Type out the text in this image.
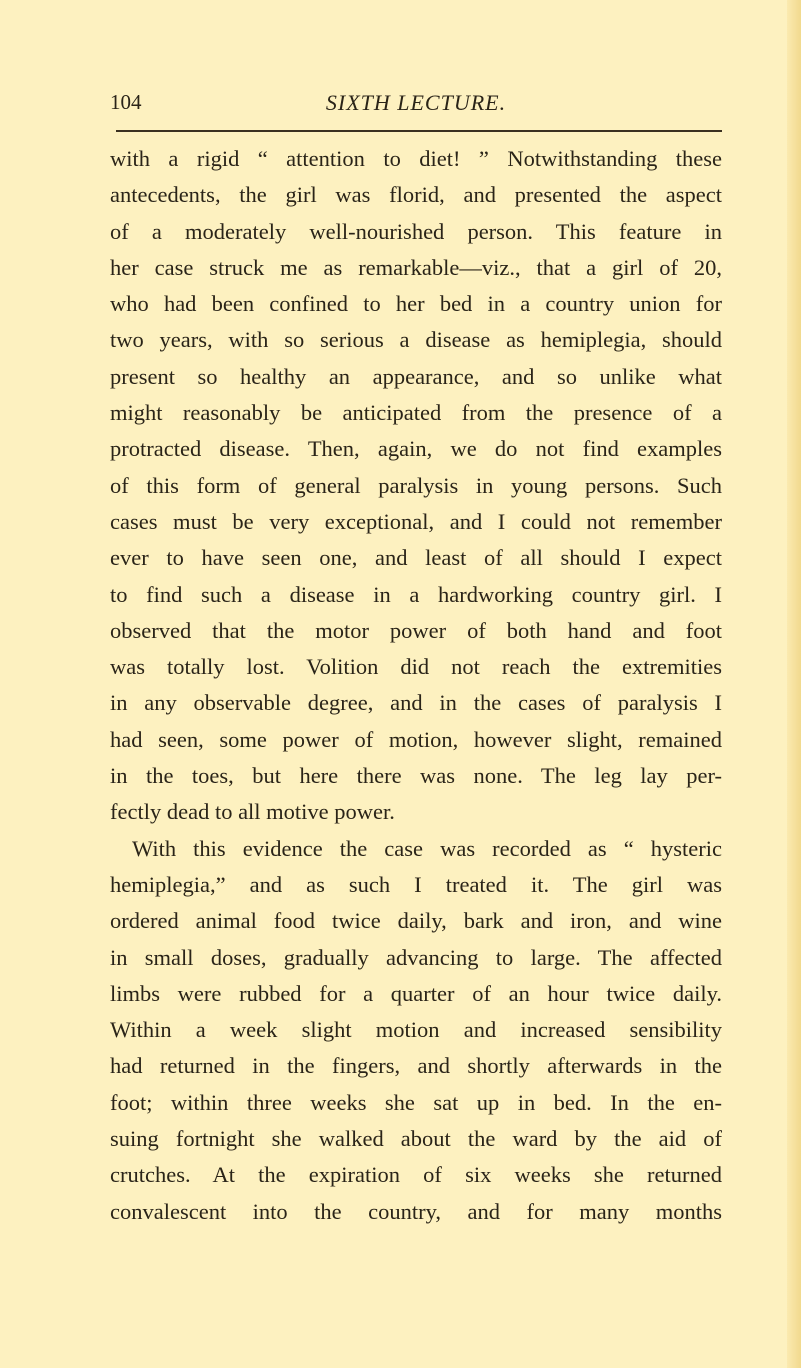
104	SIXTH LECTURE.
with a rigid “ attention to diet! ” Notwithstanding these
antecedents, the girl was florid, and presented the aspect
of a moderately well-nourished person. This feature in
her case struck me as remarkable—viz., that a girl of 20,
who had been confined to her bed in a country union for
two years, with so serious a disease as hemiplegia, should
present so healthy an appearance, and so unlike what
might reasonably be anticipated from the presence of a
protracted disease. Then, again, we do not find examples
of this form of general paralysis in young persons. Such
cases must be very exceptional, and I could not remember
ever to have seen one, and least of all should I expect
to find such a disease in a hardworking country girl. I
observed that the motor power of both hand and foot
was totally lost. Volition did not reach the extremities
in any observable degree, and in the cases of paralysis I
had seen, some power of motion, however slight, remained
in the toes, but here there was none. The leg lay per-
fectly dead to all motive power.
With this evidence the case was recorded as “ hysteric
hemiplegia,” and as such I treated it. The girl was
ordered animal food twice daily, bark and iron, and wine
in small doses, gradually advancing to large. The affected
limbs were rubbed for a quarter of an hour twice daily.
Within a week slight motion and increased sensibility
had returned in the fingers, and shortly afterwards in the
foot; within three weeks she sat up in bed. In the en-
suing fortnight she walked about the ward by the aid of
crutches. At the expiration of six weeks she returned
convalescent into the country, and for many months
